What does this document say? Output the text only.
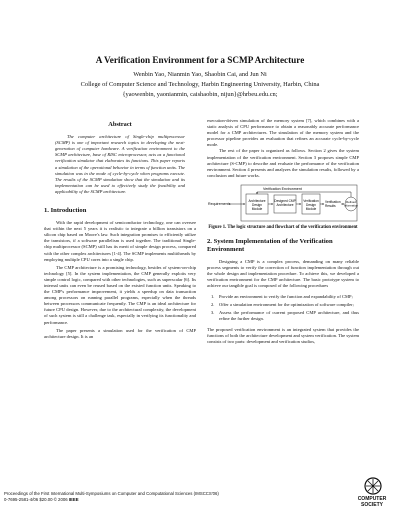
A Verification Environment for a SCMP Architecture
Wenbin Yao, Nianmin Yao, Shaobin Cai, and Jun Ni
College of Computer Science and Technology, Harbin Engineering University, Harbin, China
{yaowenbin, yaonianmin, caishaobin, nijun}@hrbeu.edu.cn;
Abstract
The computer architecture of Single-chip multiprocessor (SCMP) is one of important research topics in developing the next-generation of computer hardware. A verification environment to the SCMP architecture, base of RISC microprocessor, acts as a functional verification simulator that elaborates its functions. This paper reports a simulation of the operational behavior in terms of function units. The simulation was in the mode of cycle-by-cycle when programs execute. The results of the SCMP simulation show that the simulation and its implementation can be used to effectively study the feasibility and applicability of the SCMP architecture.
1. Introduction
With the rapid development of semiconductor technology, one can oversee that within the next 5 years it is realistic to integrate a billion transistors on a silicon chip based on Moore's law. Such integration promises to efficiently utilize the transistors, if a software parallelism is used together. The traditional Single-chip multiprocessor (SCMP) still has its merit of simple design process, compared with the other complex architectures [1-4]. The SCMP implements multithreads by employing multiple CPU cores into a single chip.
The CMP architecture is a promising technology, besides of system-on-chip technology [5]. In the system implementation, the CMP generally exploits very simple control logic, compared with other technologies, such as superscalar [6]. Its internal units can even be reused based on the existed function units. Speaking to the CMP's performance improvement, it yields a speedup on data transaction among processors on running parallel programs, especially when the threads between processors communicate frequently. The CMP is an ideal architecture for future CPU design. However, due to the architectural complexity, the development of such system is still a challenge task, especially in verifying its functionality and performance.
The paper presents a simulation used for the verification of CMP architecture design. It is an
execution-driven simulation of the memory system [7], which combines with a static analysis of CPU performance to obtain a reasonably accurate performance model for a CMP architectures. The simulation of the memory system and the processor pipeline provides an evaluation that refines an accurate cycle-by-cycle mode.
The rest of the paper is organized as follows. Section 2 gives the system implementation of the verification environment. Section 3 proposes simple CMP architecture (S-CMP) to describe and evaluate the performance of the verification environment. Section 4 presents and analyzes the simulation results, followed by a conclusion and future works.
Verification Environment
Requirements
Architecture Design Module
Designed CMP Architecture
Verification Design Module
Verification Results
Refined Information
Figure 1. The logic structure and flowchart of the verification environment
2. System Implementation of the Verification Environment
Designing a CMP is a complex process, demanding on many reliable process segments to verify the correction of function implementation through out the whole design and implementation procedure. To achieve this, we developed a verification environment for the CMP architecture. The basic prototype system to achieve our tangible goal is composed of the following procedures
1.	Provide an environment to verify the function and expandability of CMP;
2.	Offer a simulation environment for the optimization of software compiler;
3.	Assess the performance of current proposed CMP architecture, and thus refine the further design.
The proposed verification environment is an integrated system that provides the functions of both the architecture development and system verification. The system consists of two parts: development and verification studios,
Proceedings of the First International Multi-Symposiums on Computer and Computational Sciences (IMSCCS'06)
0-7695-2581-4/06 $20.00 © 2006 IEEE	COMPUTER
SOCIETY
